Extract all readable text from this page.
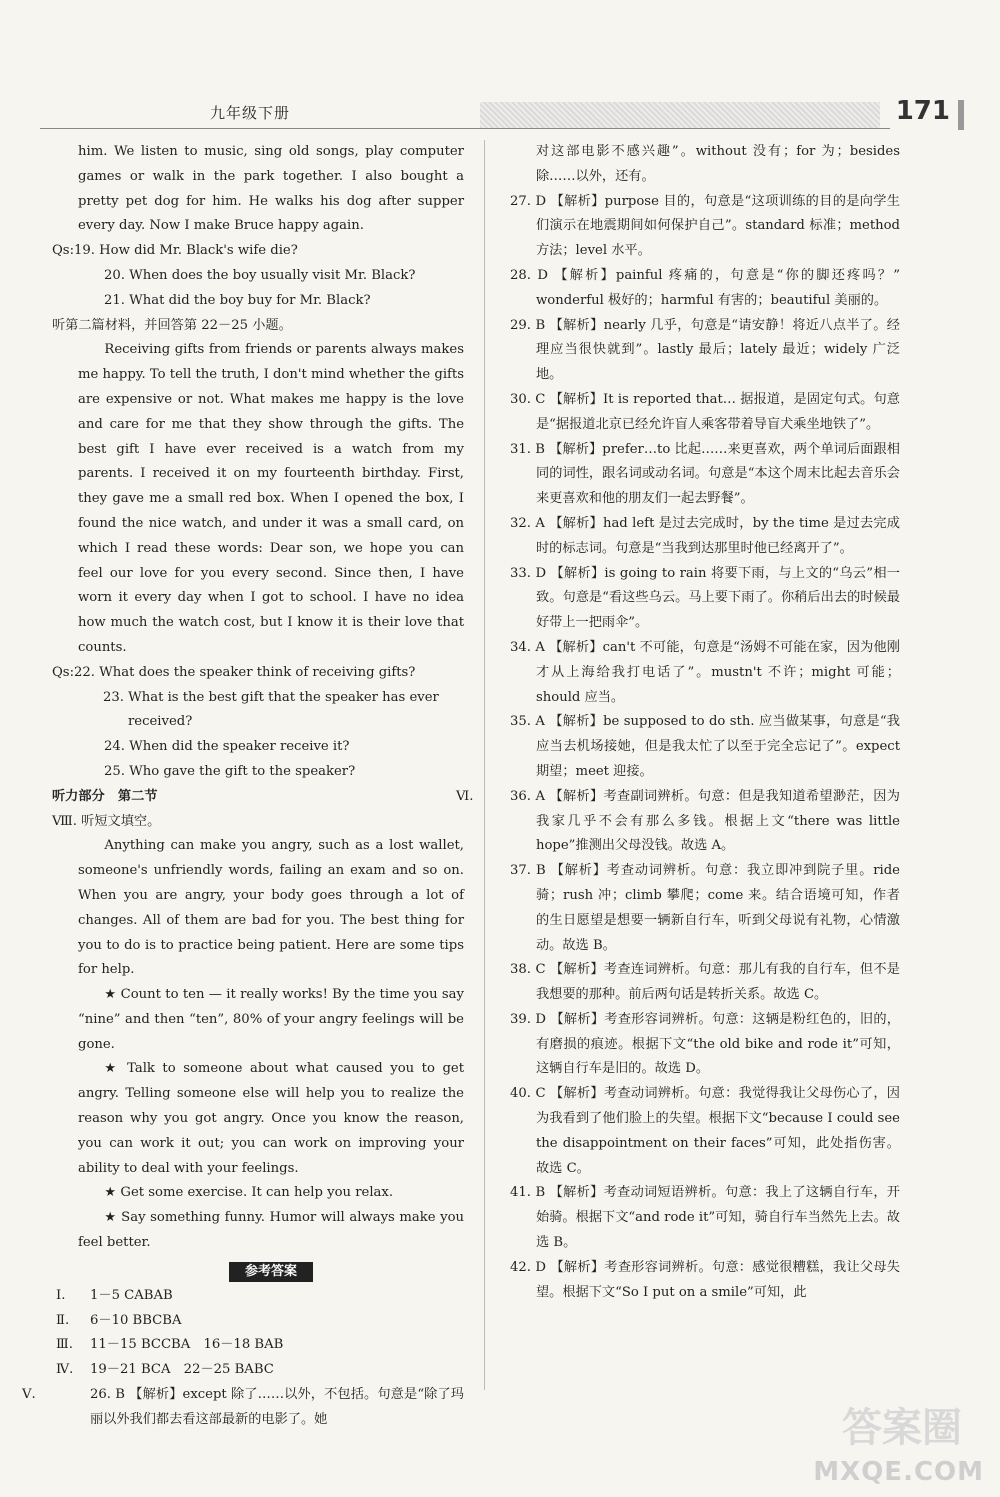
九年级下册	171

him. We listen to music, sing old songs, play computer games or walk in the park together. I also bought a pretty pet dog for him. He walks his dog after supper every day. Now I make Bruce happy again.

Qs:19. How did Mr. Black's wife die?

20. When does the boy usually visit Mr. Black?

21. What did the boy buy for Mr. Black?

听第二篇材料，并回答第 22－25 小题。

Receiving gifts from friends or parents always makes me happy. To tell the truth, I don't mind whether the gifts are expensive or not. What makes me happy is the love and care for me that they show through the gifts. The best gift I have ever received is a watch from my parents. I received it on my fourteenth birthday. First, they gave me a small red box. When I opened the box, I found the nice watch, and under it was a small card, on which I read these words: Dear son, we hope you can feel our love for you every second. Since then, I have worn it every day when I got to school. I have no idea how much the watch cost, but I know it is their love that counts.

Qs:22. What does the speaker think of receiving gifts?

23. What is the best gift that the speaker has ever received?

24. When did the speaker receive it?

25. Who gave the gift to the speaker?

听力部分　第二节

Ⅷ. 听短文填空。

Anything can make you angry, such as a lost wallet, someone's unfriendly words, failing an exam and so on. When you are angry, your body goes through a lot of changes. All of them are bad for you. The best thing for you to do is to practice being patient. Here are some tips for help.

★ Count to ten — it really works! By the time you say “nine” and then “ten”, 80% of your angry feelings will be gone.

★ Talk to someone about what caused you to get angry. Telling someone else will help you to realize the reason why you got angry. Once you know the reason, you can work it out; you can work on improving your ability to deal with your feelings.

★ Get some exercise. It can help you relax.

★ Say something funny. Humor will always make you feel better.

参考答案

Ⅰ. 1－5 CABAB

Ⅱ. 6－10 BBCBA

Ⅲ. 11－15 BCCBA　16－18 BAB

Ⅳ. 19－21 BCA　22－25 BABC

Ⅴ.	26. B 【解析】except 除了……以外，不包括。句意是“除了玛丽以外我们都去看这部最新的电影了。她

对这部电影不感兴趣”。without 没有；for 为；besides 除……以外，还有。

27. D 【解析】purpose 目的，句意是“这项训练的目的是向学生们演示在地震期间如何保护自己”。standard 标准；method 方法；level 水平。

28. D 【解析】painful 疼痛的，句意是“你的脚还疼吗？” wonderful 极好的；harmful 有害的；beautiful 美丽的。

29. B 【解析】nearly 几乎，句意是“请安静！将近八点半了。经理应当很快就到”。lastly 最后；lately 最近；widely 广泛地。

30. C 【解析】It is reported that… 据报道，是固定句式。句意是“据报道北京已经允许盲人乘客带着导盲犬乘坐地铁了”。

31. B 【解析】prefer…to 比起……来更喜欢，两个单词后面跟相同的词性，跟名词或动名词。句意是“本这个周末比起去音乐会来更喜欢和他的朋友们一起去野餐”。

32. A 【解析】had left 是过去完成时，by the time 是过去完成时的标志词。句意是“当我到达那里时他已经离开了”。

33. D 【解析】is going to rain 将要下雨，与上文的“乌云”相一致。句意是“看这些乌云。马上要下雨了。你稍后出去的时候最好带上一把雨伞”。

34. A 【解析】can't 不可能，句意是“汤姆不可能在家，因为他刚才从上海给我打电话了”。mustn't 不许；might 可能；should 应当。

35. A 【解析】be supposed to do sth. 应当做某事，句意是“我应当去机场接她，但是我太忙了以至于完全忘记了”。expect 期望；meet 迎接。

Ⅵ.	36. A 【解析】考查副词辨析。句意：但是我知道希望渺茫，因为我家几乎不会有那么多钱。根据上文“there was little hope”推测出父母没钱。故选 A。

37. B 【解析】考查动词辨析。句意：我立即冲到院子里。ride 骑；rush 冲；climb 攀爬；come 来。结合语境可知，作者的生日愿望是想要一辆新自行车，听到父母说有礼物，心情激动。故选 B。

38. C 【解析】考查连词辨析。句意：那儿有我的自行车，但不是我想要的那种。前后两句话是转折关系。故选 C。

39. D 【解析】考查形容词辨析。句意：这辆是粉红色的，旧的，有磨损的痕迹。根据下文“the old bike and rode it”可知，这辆自行车是旧的。故选 D。

40. C 【解析】考查动词辨析。句意：我觉得我让父母伤心了，因为我看到了他们脸上的失望。根据下文“because I could see the disappointment on their faces”可知，此处指伤害。故选 C。

41. B 【解析】考查动词短语辨析。句意：我上了这辆自行车，开始骑。根据下文“and rode it”可知，骑自行车当然先上去。故选 B。

42. D 【解析】考查形容词辨析。句意：感觉很糟糕，我让父母失望。根据下文“So I put on a smile”可知，此

答案圈
MXQE.COM
